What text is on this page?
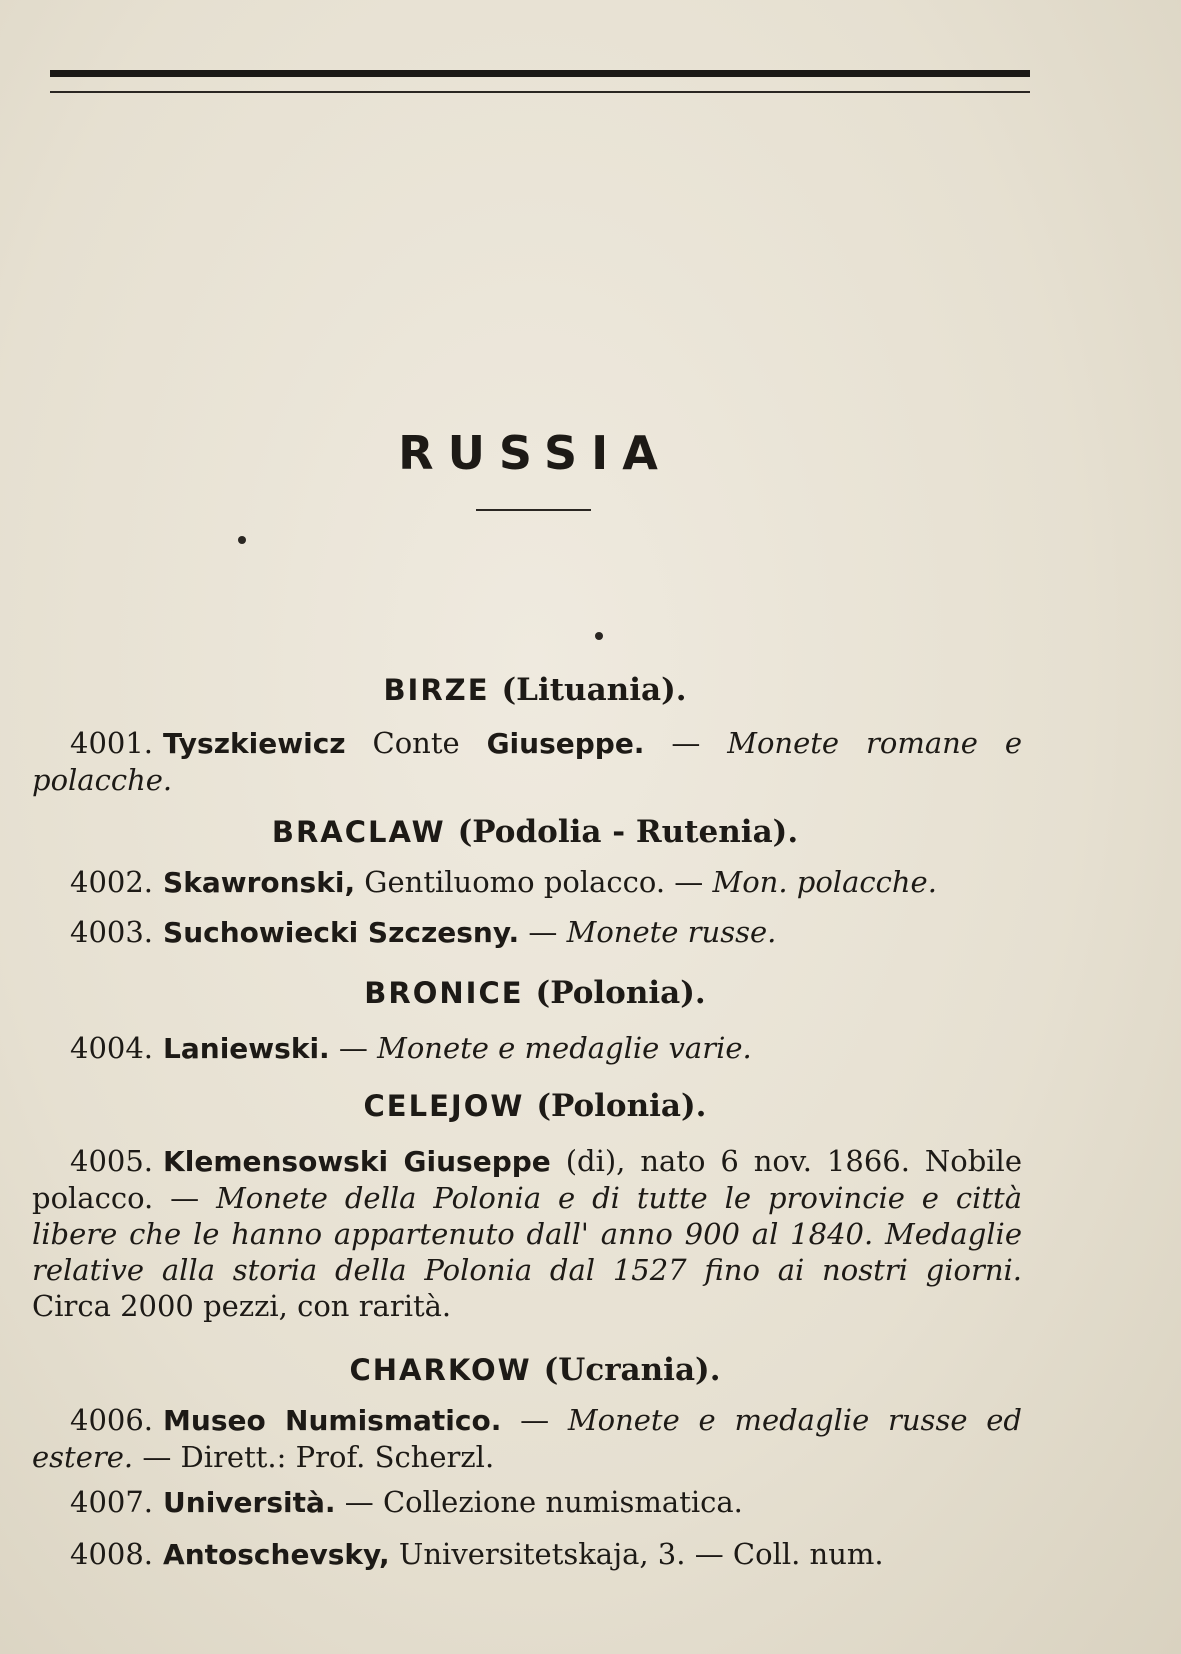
RUSSIA
BIRZE (Lituania).

4001. Tyszkiewicz Conte Giuseppe. — Monete romane e polacche.

BRACLAW (Podolia - Rutenia).

4002. Skawronski, Gentiluomo polacco. — Mon. polacche.

4003. Suchowiecki Szczesny. — Monete russe.

BRONICE (Polonia).

4004. Laniewski. — Monete e medaglie varie.

CELEJOW (Polonia).

4005. Klemensowski Giuseppe (di), nato 6 nov. 1866. Nobile polacco. — Monete della Polonia e di tutte le provincie e città libere che le hanno appartenuto dall' anno 900 al 1840. Medaglie relative alla storia della Polonia dal 1527 fino ai nostri giorni. Circa 2000 pezzi, con rarità.

CHARKOW (Ucrania).

4006. Museo Numismatico. — Monete e medaglie russe ed estere. — Dirett.: Prof. Scherzl.

4007. Università. — Collezione numismatica.

4008. Antoschevsky, Universitetskaja, 3. — Coll. num.
